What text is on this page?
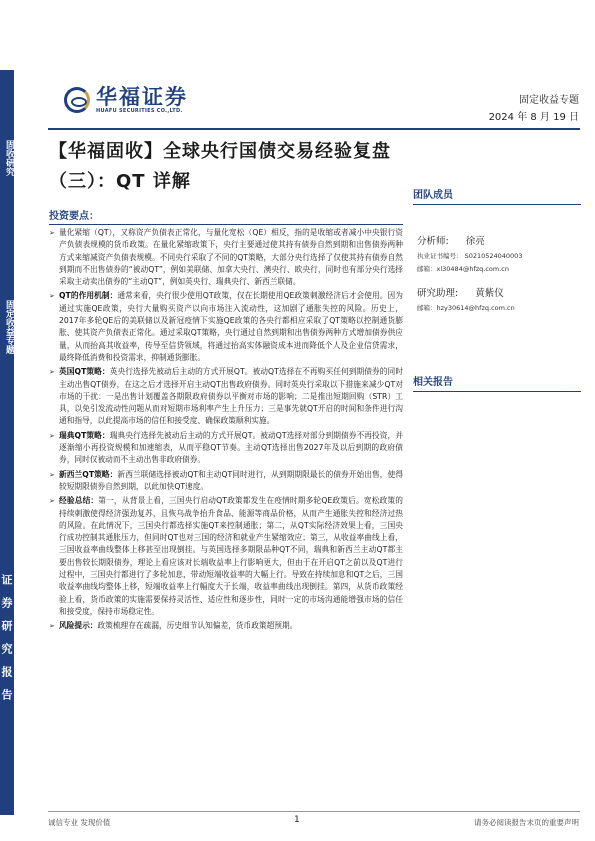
固收研究
固定收益专题
证券研究报告
华福证券
HUAFU SECURITIES CO.,LTD.
固定收益专题
2024 年 8 月 19 日
【华福固收】全球央行国债交易经验复盘（三）：QT 详解
团队成员
分析师: 徐亮
执业证书编号： S0210524040003
邮箱：xl30484@hfzq.com.cn
研究助理: 黄紫仪
邮箱：hzy30614@hfzq.com.cn
相关报告
投资要点：
➢ 量化紧缩（QT），又称资产负债表正常化，与量化宽松（QE）相反，指的是收缩或者减小中央银行资产负债表规模的货币政策。在量化紧缩政策下，央行主要通过使其持有债券自然到期和出售债券两种方式来缩减资产负债表规模。不同央行采取了不同的QT策略，大部分央行选择了仅使其持有债券自然到期而不出售债券的“被动QT”，例如美联储、加拿大央行、澳央行、欧央行，同时也有部分央行选择采取主动卖出债券的“主动QT”，例如英央行、瑞典央行、新西兰联储。
➢ QT的作用机制：通常来看，央行很少使用QT政策，仅在长期使用QE政策刺激经济后才会使用。因为通过实施QE政策，央行大量购买资产以向市场注入流动性，这加剧了通胀失控的风险。历史上，2017年多轮QE后的美联储以及新冠疫情下实施QE政策的各央行都相应采取了QT策略以控制通货膨胀、使其资产负债表正常化。通过采取QT策略，央行通过自然到期和出售债券两种方式增加债券供应量，从而抬高其收益率，传导至信贷领域，将通过抬高实体融资成本进而降低个人及企业信贷需求，最终降低消费和投资需求，抑制通货膨胀。
➢ 英国QT策略：英央行选择先被动后主动的方式开展QT。被动QT选择在不再购买任何到期债券的同时主动出售QT债券，在这之后才选择开启主动QT出售政府债券。同时英央行采取以下措施来减少QT对市场的干扰：一是出售计划覆盖各期限政府债券以平衡对市场的影响；二是推出短期回购（STR）工具，以免引发流动性问题从而对短期市场利率产生上升压力；三是事先就QT开启的时间和条件进行沟通和指导，以此提高市场的信任和接受度、确保政策顺利实施。
➢ 瑞典QT策略：瑞典央行选择先被动后主动的方式开展QT。被动QT选择对部分到期债券不再投资，并逐渐缩小再投资规模和加速缩表，从而平稳QT节奏。主动QT选择出售2027年及以后到期的政府债券，同时仅被动而不主动出售非政府债券。
➢ 新西兰QT策略：新西兰联储选择被动QT和主动QT同时进行，从到期期限最长的债券开始出售，使得较短期限债券自然到期，以此加快QT速度。
➢ 经验总结：第一，从背景上看，三国央行启动QT政策都发生在疫情时期多轮QE政策后。宽松政策的持续刺激使得经济强劲复苏，且恢乌战争抬升食品、能源等商品价格，从而产生通胀失控和经济过热的风险。在此情况下，三国央行都选择实施QT来控制通胀；第二，从QT实际经济效果上看，三国央行成功控制其通胀压力，但同时QT也对三国的经济和就业产生紧缩效应；第三，从收益率曲线上看，三国收益率曲线整体上移甚至出现倒挂。与英国选择多期限品种QT不同，瑞典和新西兰主动QT都主要出售较长期限债券，理论上看应该对长端收益率上行影响更大，但由于在开启QT之前以及QT进行过程中，三国央行都进行了多轮加息，带动短端收益率的大幅上行。导致在持续加息和QT之后，三国收益率曲线均整体上移，短端收益率上行幅度大于长端，收益率曲线出现倒挂。第四，从货币政策经验上看，货币政策的实施需要保持灵活性、适应性和逐步性，同时一定的市场沟通能增强市场的信任和接受度，保持市场稳定性。
➢ 风险提示：政策梳理存在疏漏，历史细节认知偏差，货币政策超预期。
诚信专业 发现价值	1	请务必阅读报告末页的重要声明
